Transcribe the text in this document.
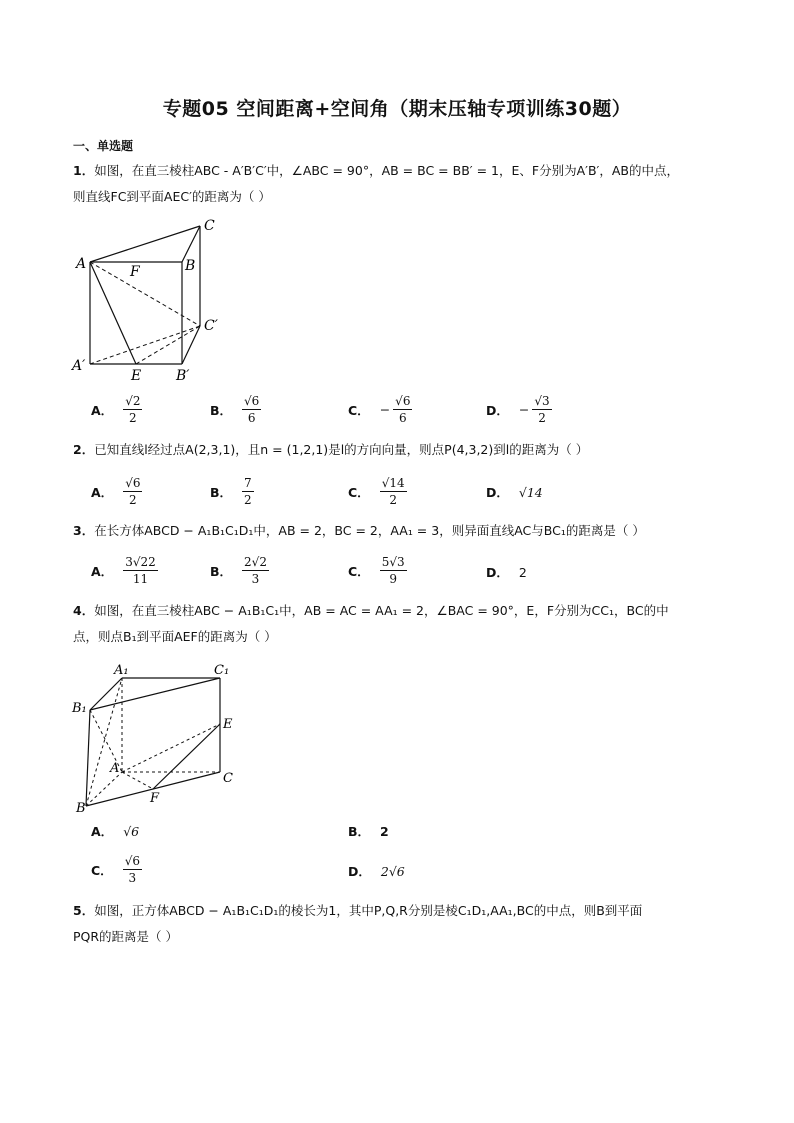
专题05 空间距离+空间角（期末压轴专项训练30题）
一、单选题
1．如图，在直三棱柱ABC - A′B′C′中，∠ABC = 90°，AB = BC = BB′ = 1，E、F分别为A′B′，AB的中点，
则直线FC到平面AEC′的距离为（ ）
A	F	B
C
C′
A′
E B′
A． $\frac{√2}{2}$	B． $\frac{√6}{6}$	C． − $\frac{√6}{6}$	D． − $\frac{√3}{2}$
2．已知直线l经过点A(2,3,1)，且n = (1,2,1)是l的方向向量，则点P(4,3,2)到l的距离为（ ）
A． $\frac{√6}{2}$	B． $\frac{7}{2}$	C． $\frac{√14}{2}$	D． √14
3．在长方体ABCD − A₁B₁C₁D₁中，AB = 2，BC = 2，AA₁ = 3，则异面直线AC与BC₁的距离是（ ）
A． $\frac{3√22}{11}$	B． $\frac{2√2}{3}$	C． $\frac{5√3}{9}$	D． 2
4．如图，在直三棱柱ABC − A₁B₁C₁中，AB = AC = AA₁ = 2，∠BAC = 90°，E，F分别为CC₁，BC的中
点，则点B₁到平面AEF的距离为（ ）
A₁	C₁
B₁
E
A
C
B
F
A． √6	B． 2
C． $\frac{√6}{3}$	D． 2√6
5．如图，正方体ABCD − A₁B₁C₁D₁的棱长为1，其中P,Q,R分别是棱C₁D₁,AA₁,BC的中点，则B到平面
PQR的距离是（ ）
